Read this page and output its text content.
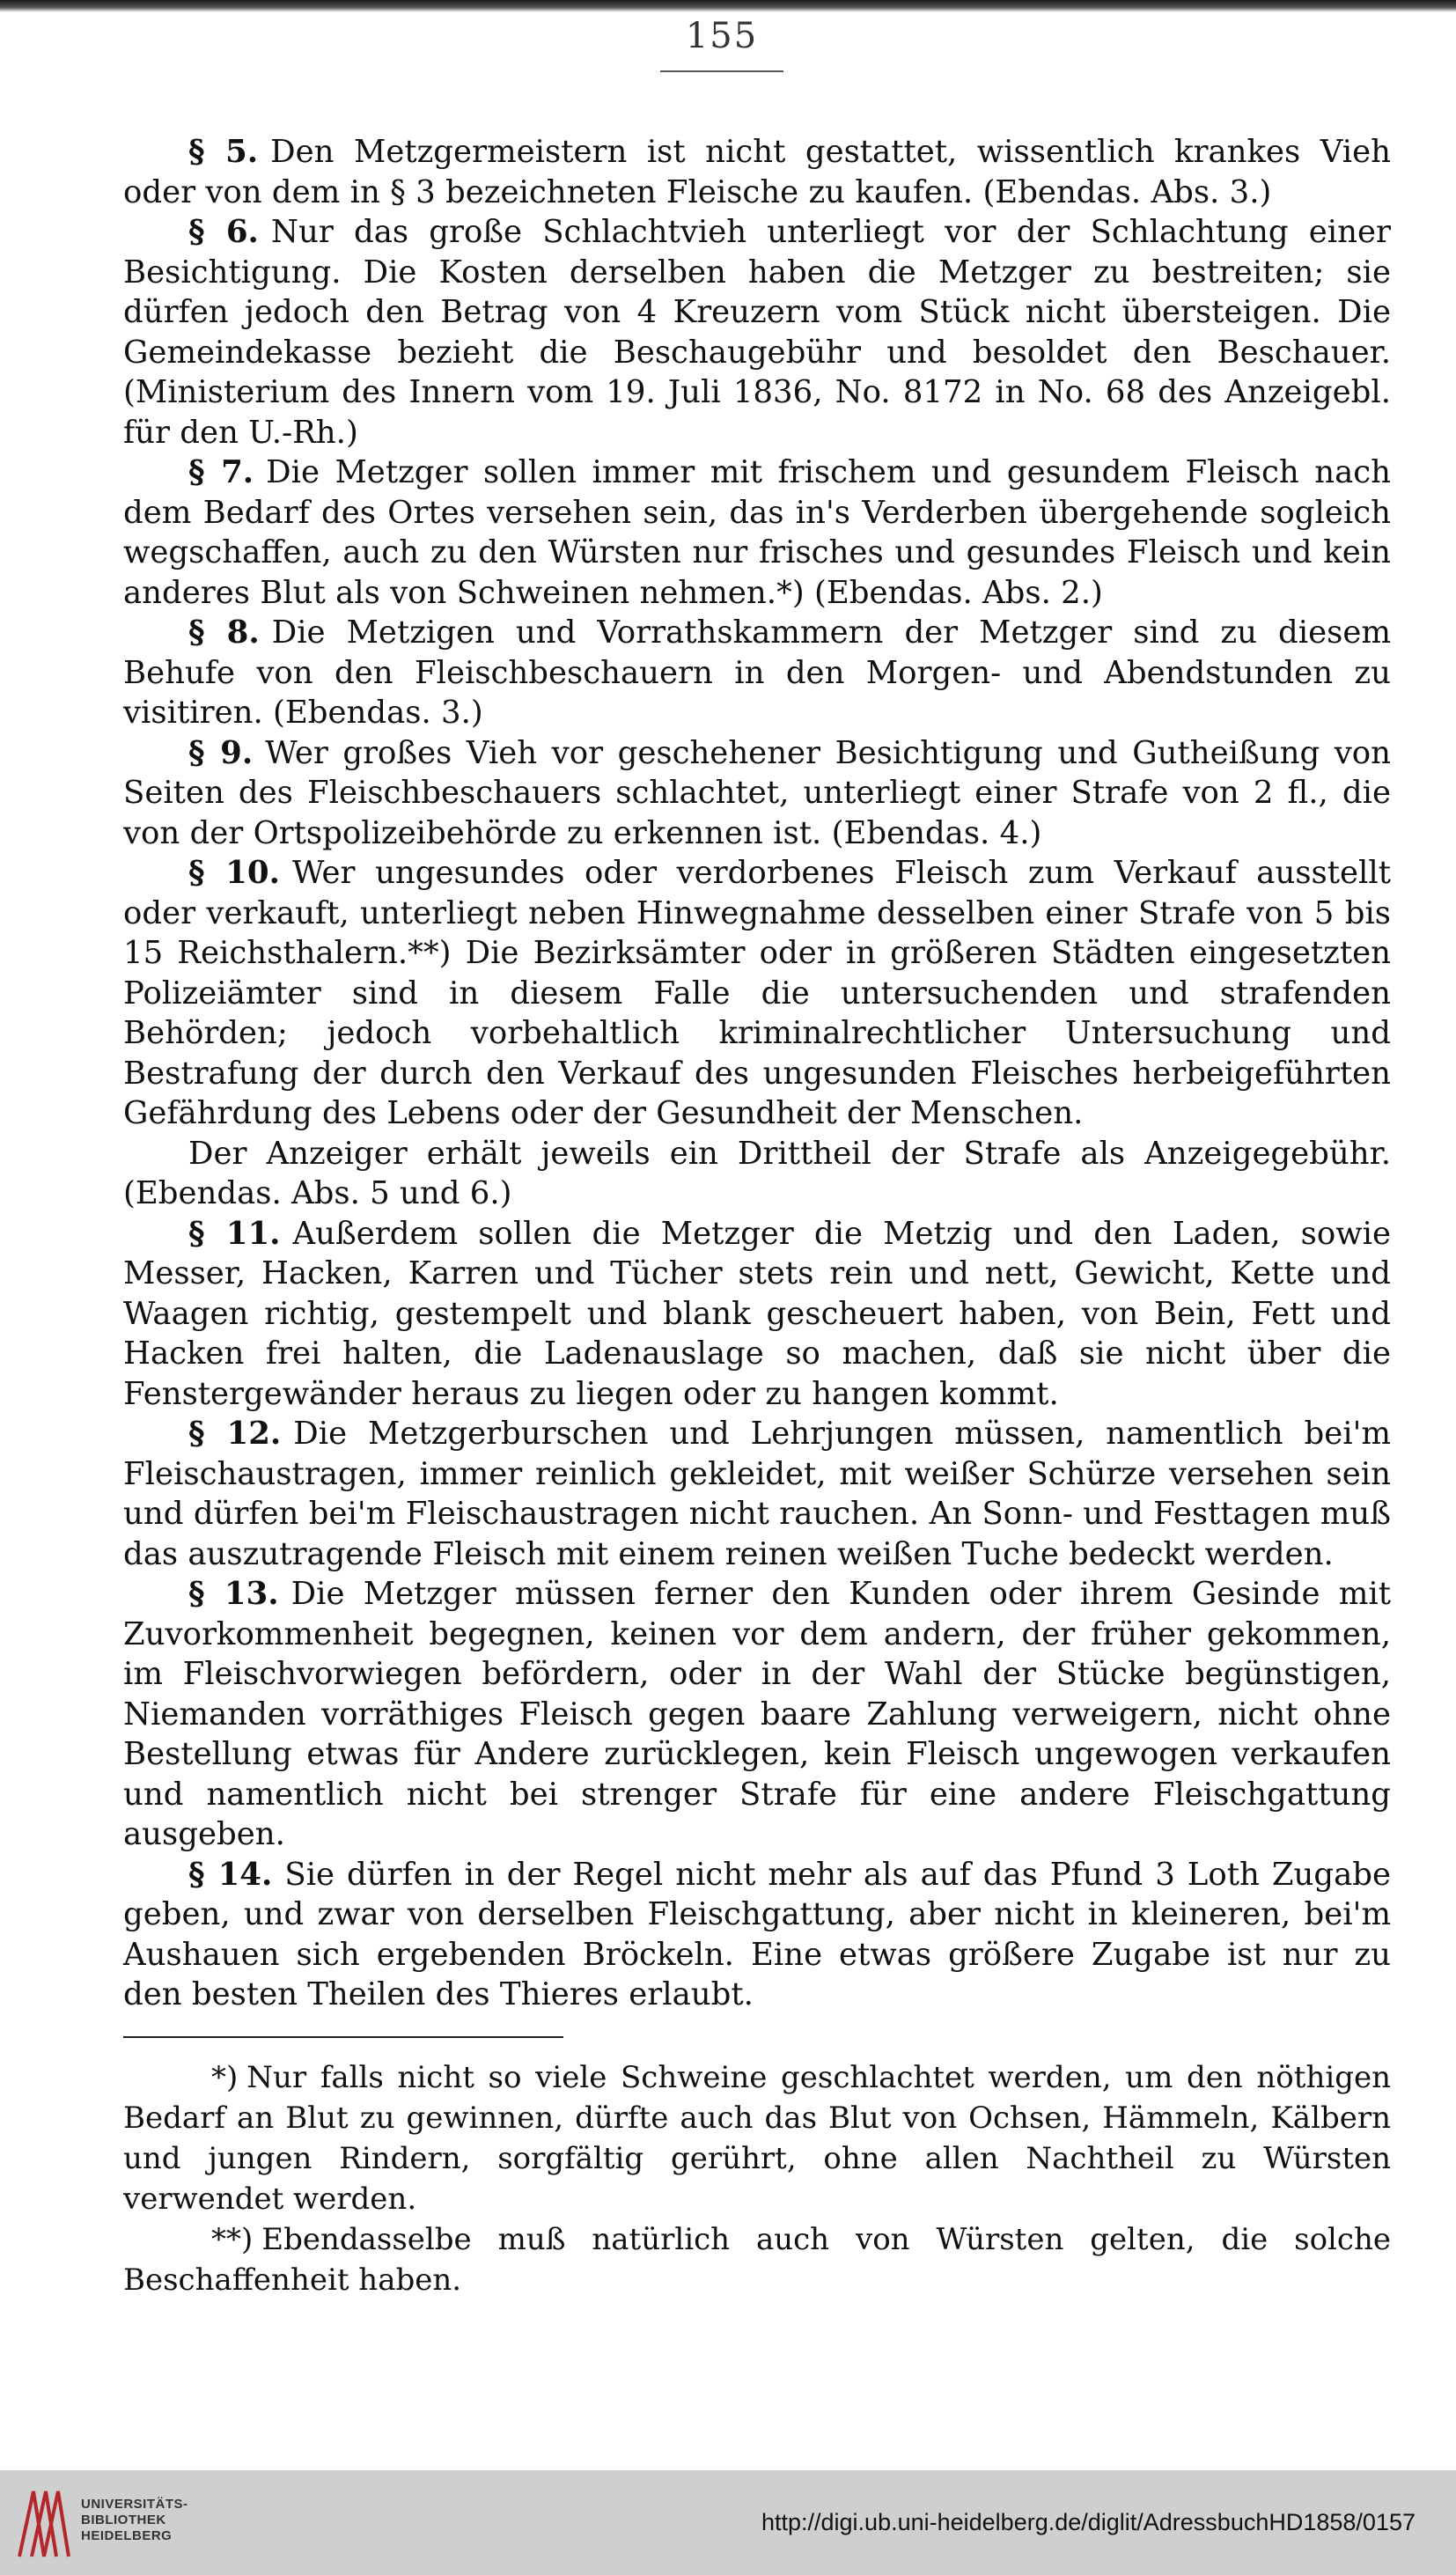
155

§ 5. Den Metzgermeistern ist nicht gestattet, wissentlich krankes Vieh oder von dem in § 3 bezeichneten Fleische zu kaufen. (Ebendas. Abs. 3.)

§ 6. Nur das große Schlachtvieh unterliegt vor der Schlachtung einer Besichtigung. Die Kosten derselben haben die Metzger zu bestreiten; sie dürfen jedoch den Betrag von 4 Kreuzern vom Stück nicht übersteigen. Die Gemeindekasse bezieht die Beschaugebühr und besoldet den Beschauer. (Ministerium des Innern vom 19. Juli 1836, No. 8172 in No. 68 des Anzeigebl. für den U.-Rh.)

§ 7. Die Metzger sollen immer mit frischem und gesundem Fleisch nach dem Bedarf des Ortes versehen sein, das in's Verderben übergehende sogleich wegschaffen, auch zu den Würsten nur frisches und gesundes Fleisch und kein anderes Blut als von Schweinen nehmen.*) (Ebendas. Abs. 2.)

§ 8. Die Metzigen und Vorrathskammern der Metzger sind zu diesem Behufe von den Fleischbeschauern in den Morgen- und Abendstunden zu visitiren. (Ebendas. 3.)

§ 9. Wer großes Vieh vor geschehener Besichtigung und Gutheißung von Seiten des Fleischbeschauers schlachtet, unterliegt einer Strafe von 2 fl., die von der Ortspolizeibehörde zu erkennen ist. (Ebendas. 4.)

§ 10. Wer ungesundes oder verdorbenes Fleisch zum Verkauf ausstellt oder verkauft, unterliegt neben Hinwegnahme desselben einer Strafe von 5 bis 15 Reichsthalern.**) Die Bezirksämter oder in größeren Städten eingesetzten Polizeiämter sind in diesem Falle die untersuchenden und strafenden Behörden; jedoch vorbehaltlich kriminalrechtlicher Untersuchung und Bestrafung der durch den Verkauf des ungesunden Fleisches herbeigeführten Gefährdung des Lebens oder der Gesundheit der Menschen.

Der Anzeiger erhält jeweils ein Drittheil der Strafe als Anzeigegebühr. (Ebendas. Abs. 5 und 6.)

§ 11. Außerdem sollen die Metzger die Metzig und den Laden, sowie Messer, Hacken, Karren und Tücher stets rein und nett, Gewicht, Kette und Waagen richtig, gestempelt und blank gescheuert haben, von Bein, Fett und Hacken frei halten, die Ladenauslage so machen, daß sie nicht über die Fenstergewänder heraus zu liegen oder zu hangen kommt.

§ 12. Die Metzgerburschen und Lehrjungen müssen, namentlich bei'm Fleischaustragen, immer reinlich gekleidet, mit weißer Schürze versehen sein und dürfen bei'm Fleischaustragen nicht rauchen. An Sonn- und Festtagen muß das auszutragende Fleisch mit einem reinen weißen Tuche bedeckt werden.

§ 13. Die Metzger müssen ferner den Kunden oder ihrem Gesinde mit Zuvorkommenheit begegnen, keinen vor dem andern, der früher gekommen, im Fleischvorwiegen befördern, oder in der Wahl der Stücke begünstigen, Niemanden vorräthiges Fleisch gegen baare Zahlung verweigern, nicht ohne Bestellung etwas für Andere zurücklegen, kein Fleisch ungewogen verkaufen und namentlich nicht bei strenger Strafe für eine andere Fleischgattung ausgeben.

§ 14. Sie dürfen in der Regel nicht mehr als auf das Pfund 3 Loth Zugabe geben, und zwar von derselben Fleischgattung, aber nicht in kleineren, bei'm Aushauen sich ergebenden Bröckeln. Eine etwas größere Zugabe ist nur zu den besten Theilen des Thieres erlaubt.

*) Nur falls nicht so viele Schweine geschlachtet werden, um den nöthigen Bedarf an Blut zu gewinnen, dürfte auch das Blut von Ochsen, Hämmeln, Kälbern und jungen Rindern, sorgfältig gerührt, ohne allen Nachtheil zu Würsten verwendet werden.

**) Ebendasselbe muß natürlich auch von Würsten gelten, die solche Beschaffenheit haben.

UNIVERSITÄTS-
BIBLIOTHEK
HEIDELBERG
http://digi.ub.uni-heidelberg.de/diglit/AdressbuchHD1858/0157
